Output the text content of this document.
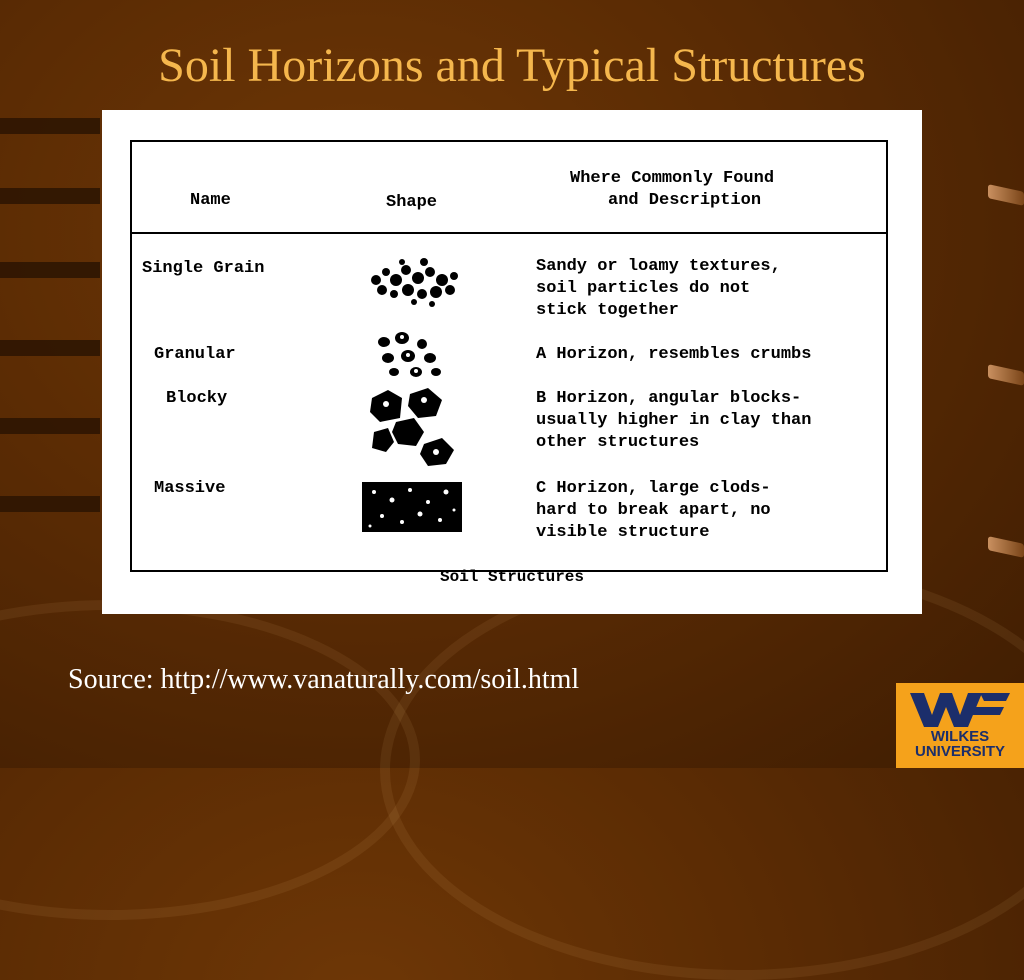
Soil Horizons and Typical Structures
Name	Shape
Where Commonly Found
and Description
Single Grain	Sandy or loamy textures,
soil particles do not
stick together
Granular	A Horizon, resembles crumbs
Blocky	B Horizon, angular blocks-
usually higher in clay than
other structures
Massive	C Horizon, large clods-
hard to break apart, no
visible structure
Soil Structures
Source: http://www.vanaturally.com/soil.html
WILKES
UNIVERSITY
